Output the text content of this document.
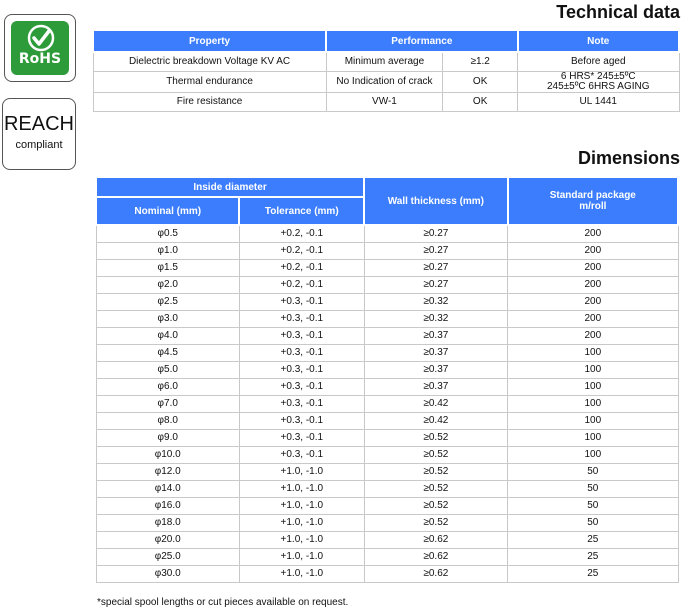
RoHS
REACH
compliant
Technical data
Property	Performance		Note
Dielectric breakdown Voltage KV AC	Minimum average	≥1.2	Before aged

Thermal endurance	No Indication of crack	OK	6 HRS* 245±5ºC
245±5ºC 6HRS AGING

Fire resistance	VW-1	OK	UL 1441
Dimensions
Inside diameter		Wall thickness (mm)	Standard package
m/roll

Nominal (mm)	Tolerance (mm)		
φ0.5	+0.2, -0.1	≥0.27	200
φ1.0	+0.2, -0.1	≥0.27	200
φ1.5	+0.2, -0.1	≥0.27	200
φ2.0	+0.2, -0.1	≥0.27	200
φ2.5	+0.3, -0.1	≥0.32	200
φ3.0	+0.3, -0.1	≥0.32	200
φ4.0	+0.3, -0.1	≥0.37	200
φ4.5	+0.3, -0.1	≥0.37	100
φ5.0	+0.3, -0.1	≥0.37	100
φ6.0	+0.3, -0.1	≥0.37	100
φ7.0	+0.3, -0.1	≥0.42	100
φ8.0	+0.3, -0.1	≥0.42	100
φ9.0	+0.3, -0.1	≥0.52	100
φ10.0	+0.3, -0.1	≥0.52	100
φ12.0	+1.0, -1.0	≥0.52	50
φ14.0	+1.0, -1.0	≥0.52	50
φ16.0	+1.0, -1.0	≥0.52	50
φ18.0	+1.0, -1.0	≥0.52	50
φ20.0	+1.0, -1.0	≥0.62	25
φ25.0	+1.0, -1.0	≥0.62	25
φ30.0	+1.0, -1.0	≥0.62	25
*special spool lengths or cut pieces available on request.
